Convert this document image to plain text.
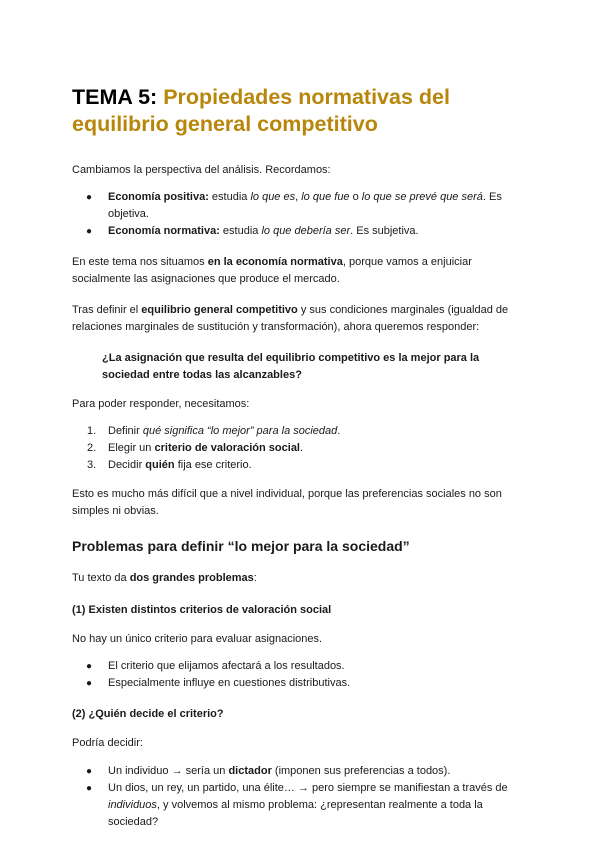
TEMA 5: Propiedades normativas del equilibrio general competitivo

Cambiamos la perspectiva del análisis. Recordamos:

● Economía positiva: estudia lo que es, lo que fue o lo que se prevé que será. Es objetiva.
● Economía normativa: estudia lo que debería ser. Es subjetiva.

En este tema nos situamos en la economía normativa, porque vamos a enjuiciar socialmente las asignaciones que produce el mercado.

Tras definir el equilibrio general competitivo y sus condiciones marginales (igualdad de relaciones marginales de sustitución y transformación), ahora queremos responder:

¿La asignación que resulta del equilibrio competitivo es la mejor para la sociedad entre todas las alcanzables?

Para poder responder, necesitamos:

1. Definir qué significa “lo mejor” para la sociedad.
2. Elegir un criterio de valoración social.
3. Decidir quién fija ese criterio.

Esto es mucho más difícil que a nivel individual, porque las preferencias sociales no son simples ni obvias.

Problemas para definir “lo mejor para la sociedad”

Tu texto da dos grandes problemas:

(1) Existen distintos criterios de valoración social

No hay un único criterio para evaluar asignaciones.

● El criterio que elijamos afectará a los resultados.
● Especialmente influye en cuestiones distributivas.
(2) ¿Quién decide el criterio?

Podría decidir:

● Un individuo → sería un dictador (imponen sus preferencias a todos).
● Un dios, un rey, un partido, una élite… → pero siempre se manifiestan a través de individuos, y volvemos al mismo problema: ¿representan realmente a toda la sociedad?
